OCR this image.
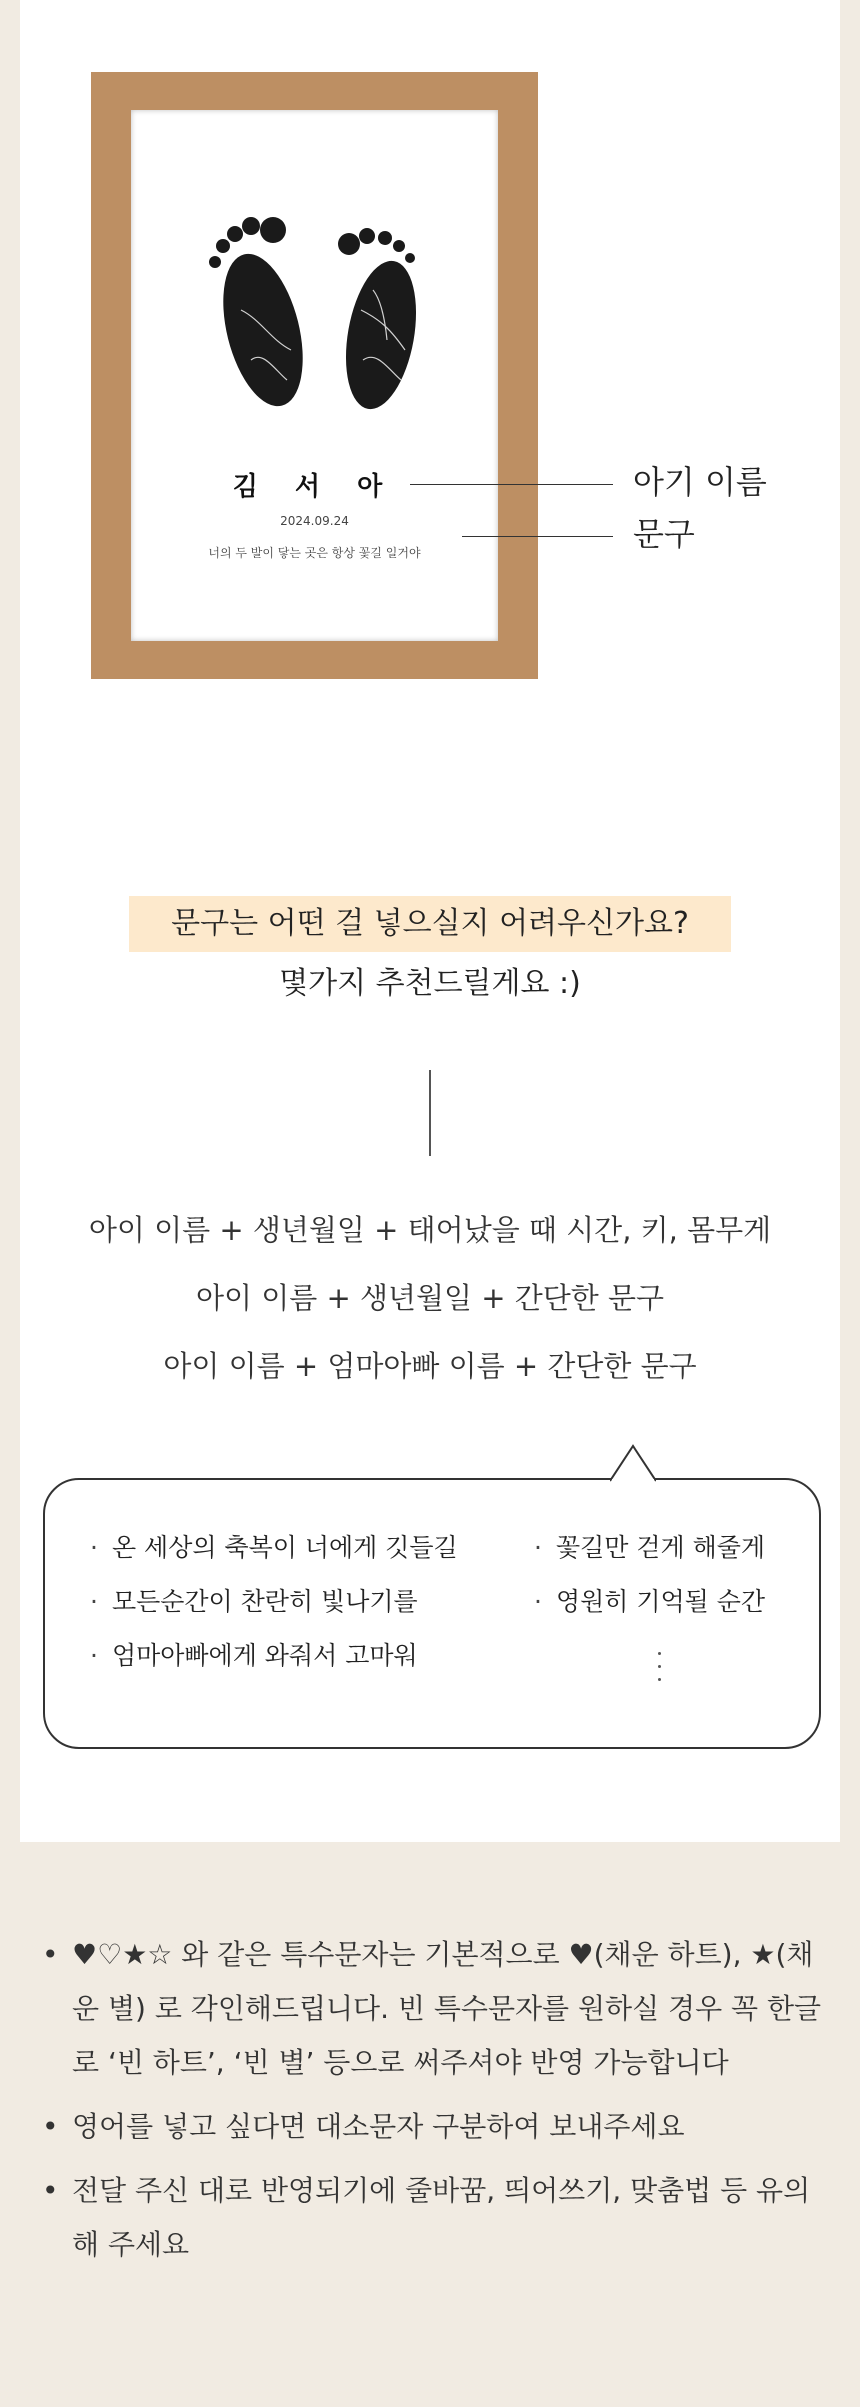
김 서 아
2024.09.24
너의 두 발이 닿는 곳은 항상 꽃길 일거야
아기 이름
문구
문구는 어떤 걸 넣으실지 어려우신가요?
몇가지 추천드릴게요 :)
아이 이름 + 생년월일 + 태어났을 때 시간, 키, 몸무게
아이 이름 + 생년월일 + 간단한 문구
아이 이름 + 엄마아빠 이름 + 간단한 문구
· 온 세상의 축복이 너에게 깃들길
· 모든순간이 찬란히 빛나기를
· 엄마아빠에게 와줘서 고마워
· 꽃길만 걷게 해줄게
· 영원히 기억될 순간
• ♥♡★☆ 와 같은 특수문자는 기본적으로 ♥(채운 하트), ★(채운 별) 로 각인해드립니다. 빈 특수문자를 원하실 경우 꼭 한글로 ‘빈 하트’, ‘빈 별’ 등으로 써주셔야 반영 가능합니다
• 영어를 넣고 싶다면 대소문자 구분하여 보내주세요
• 전달 주신 대로 반영되기에 줄바꿈, 띄어쓰기, 맞춤법 등 유의해 주세요
